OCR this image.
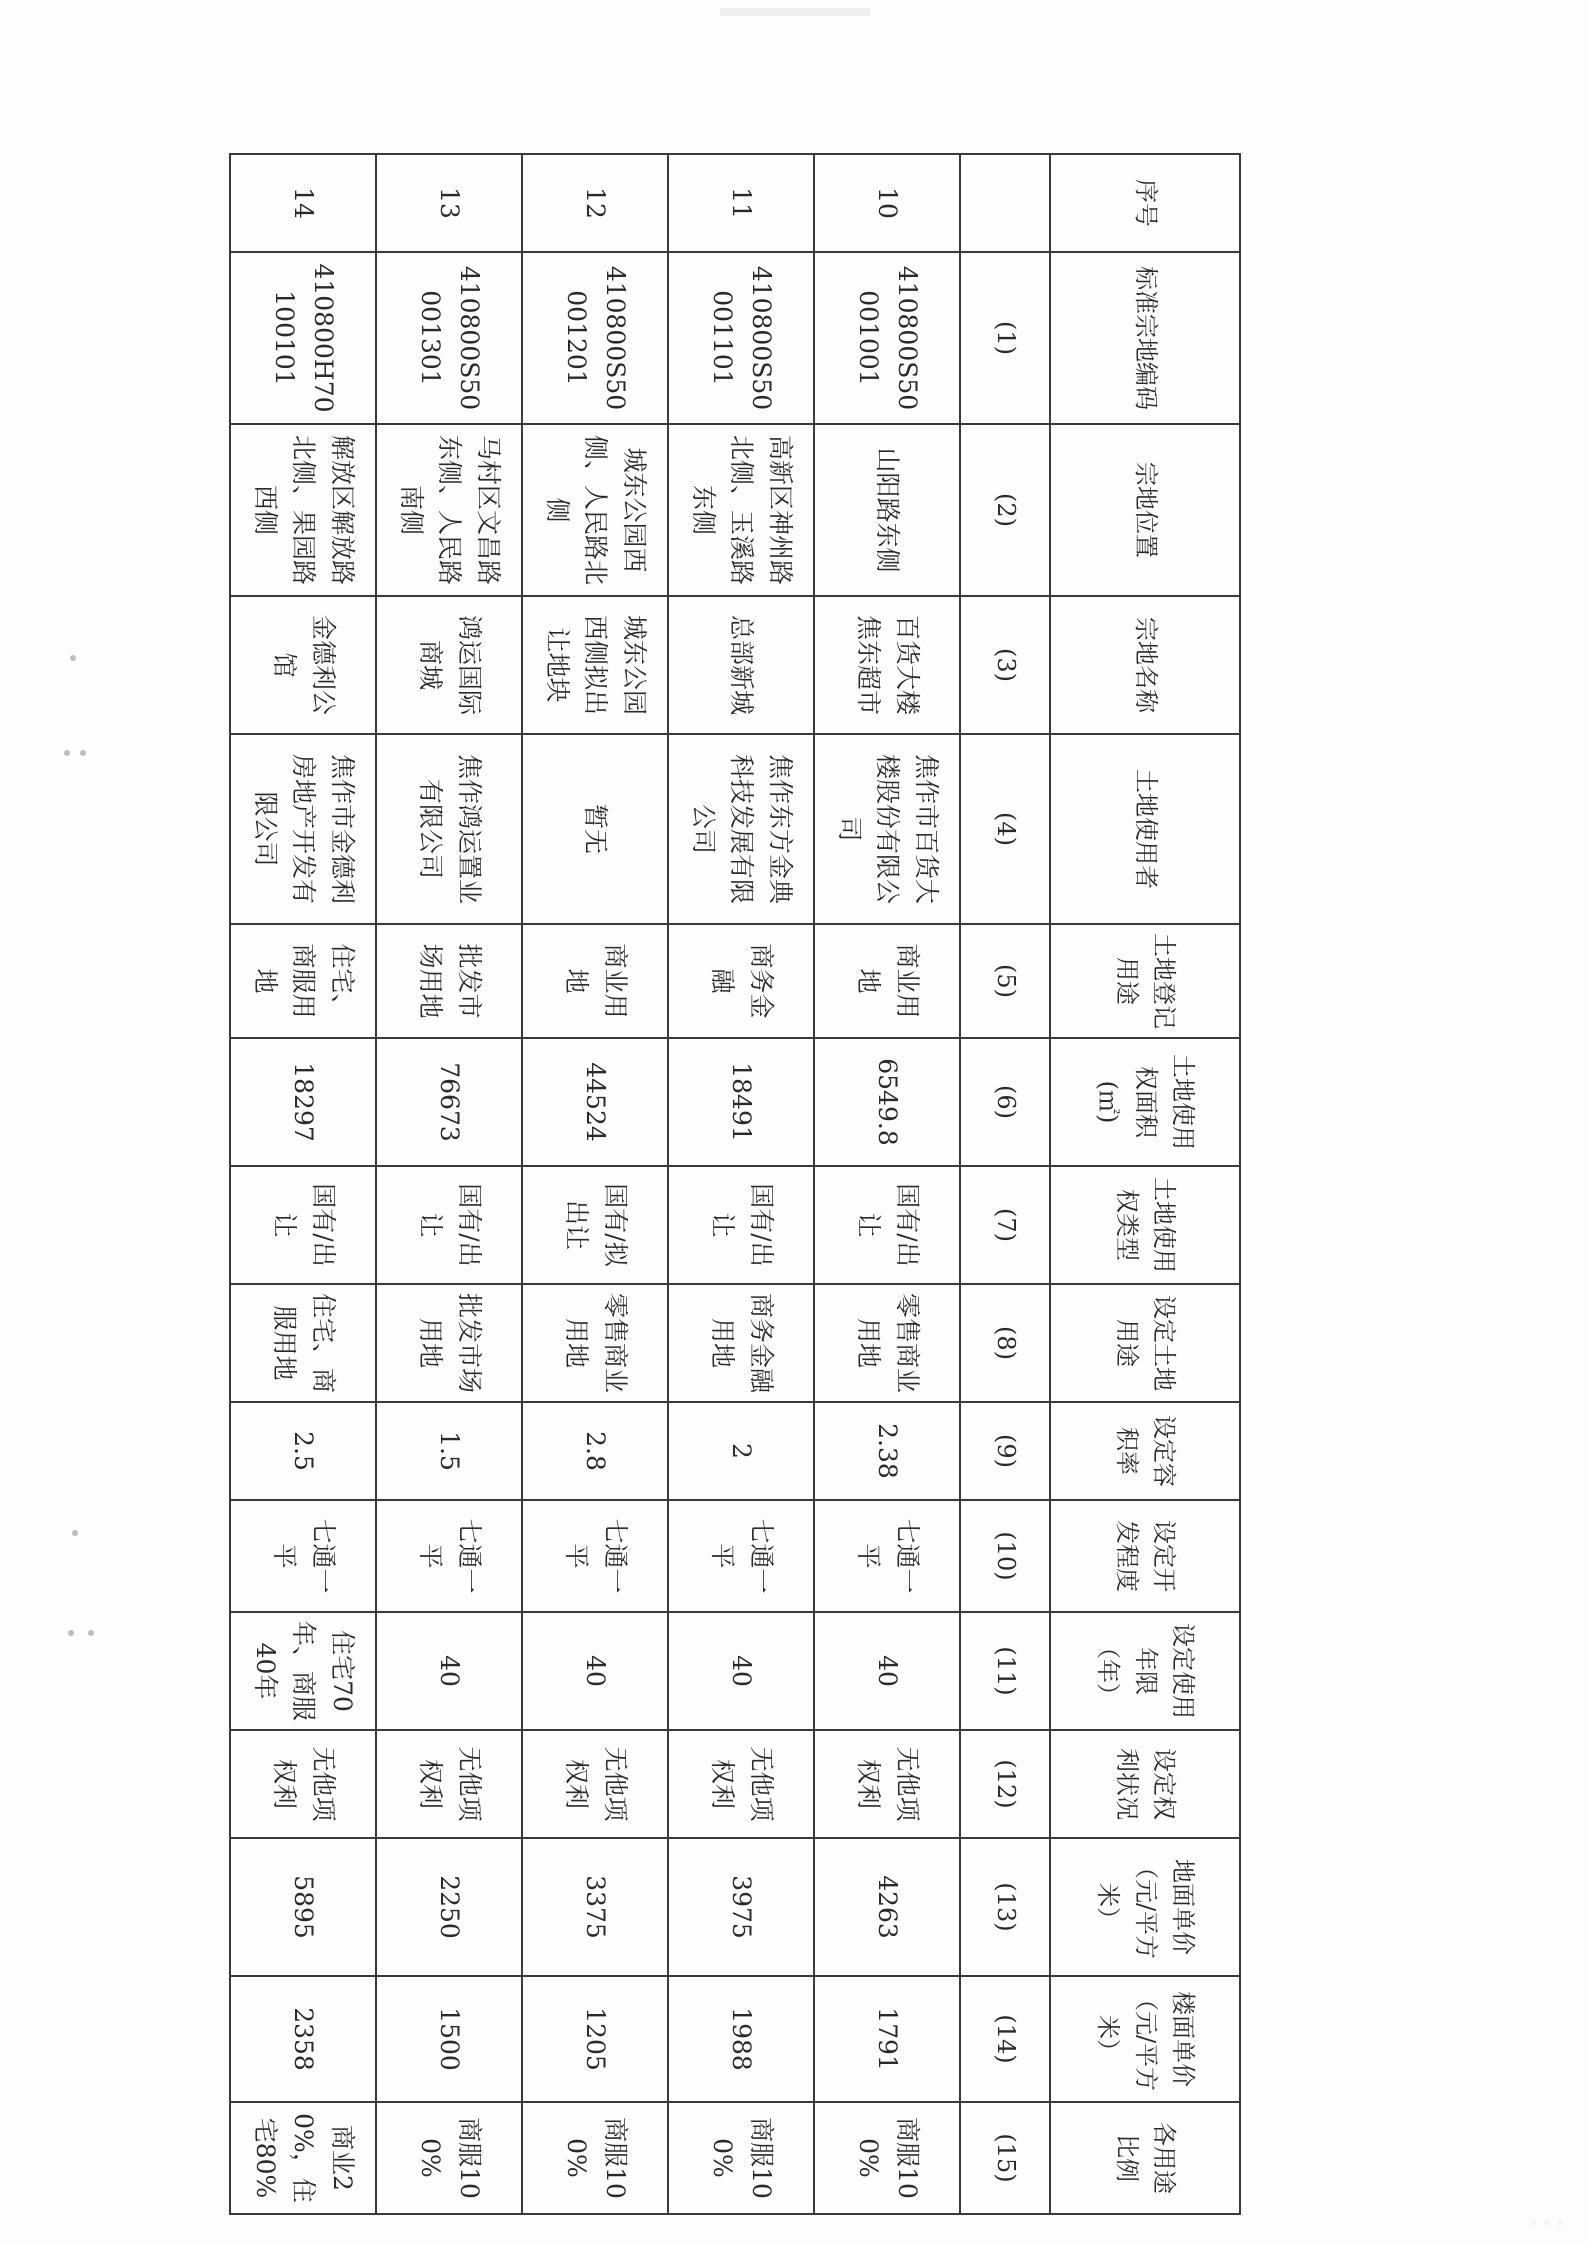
序号	标准宗地编码	宗地位置	宗地名称	土地使用者	土地登记用途	土地使用权面积(㎡)	土地使用权类型	设定土地用途	设定容积率	设定开发程度	设定使用年限（年）	设定权利状况	地面单价（元/平方米）	楼面单价（元/平方米）	各用途比例
	(1)	(2)	(3)	(4)	(5)	(6)	(7)	(8)	(9)	(10)	(11)	(12)	(13)	(14)	(15)
10	410800S50001001	山阳路东侧	百货大楼焦东超市	焦作市百货大楼股份有限公司	商业用地	6549.8	国有/出让	零售商业用地	2.38	七通一平	40	无他项权利	4263	1791	商服100%
11	410800S50001101	高新区神州路北侧、玉溪路东侧	总部新城	焦作东方金典科技发展有限公司	商务金融	18491	国有/出让	商务金融用地	2	七通一平	40	无他项权利	3975	1988	商服100%
12	410800S50001201	城东公园西侧、人民路北侧	城东公园西侧拟出让地块	暂无	商业用地	44524	国有/拟出让	零售商业用地	2.8	七通一平	40	无他项权利	3375	1205	商服100%
13	410800S50001301	马村区文昌路东侧、人民路南侧	鸿运国际商城	焦作鸿运置业有限公司	批发市场用地	76673	国有/出让	批发市场用地	1.5	七通一平	40	无他项权利	2250	1500	商服100%
14	410800H70100101	解放区解放路北侧、果园路西侧	金德利公馆	焦作市金德利房地产开发有限公司	住宅、商服用地	18297	国有/出让	住宅、商服用地	2.5	七通一平	住宅70年、商服40年	无他项权利	5895	2358	商业20%，住宅80%
◦ ◦ ◦
